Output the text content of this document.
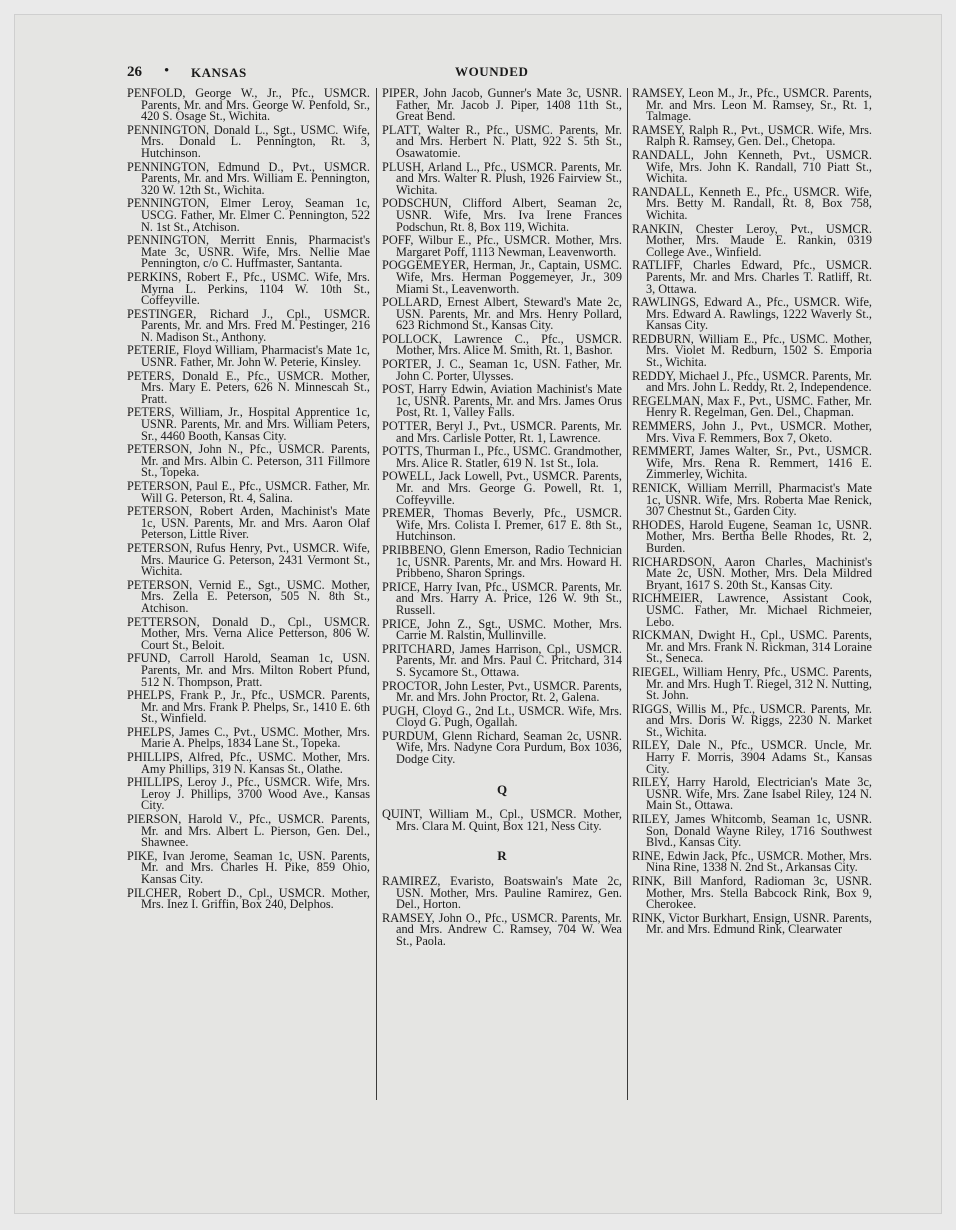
26 • KANSAS	WOUNDED

PENFOLD, George W., Jr., Pfc., USMCR. Parents, Mr. and Mrs. George W. Penfold, Sr., 420 S. Osage St., Wichita.

PENNINGTON, Donald L., Sgt., USMC. Wife, Mrs. Donald L. Pennington, Rt. 3, Hutchinson.

PENNINGTON, Edmund D., Pvt., USMCR. Parents, Mr. and Mrs. William E. Pennington, 320 W. 12th St., Wichita.

PENNINGTON, Elmer Leroy, Seaman 1c, USCG. Father, Mr. Elmer C. Pennington, 522 N. 1st St., Atchison.

PENNINGTON, Merritt Ennis, Pharmacist's Mate 3c, USNR. Wife, Mrs. Nellie Mae Pennington, c/o C. Huffmaster, Santanta.

PERKINS, Robert F., Pfc., USMC. Wife, Mrs. Myrna L. Perkins, 1104 W. 10th St., Coffeyville.

PESTINGER, Richard J., Cpl., USMCR. Parents, Mr. and Mrs. Fred M. Pestinger, 216 N. Madison St., Anthony.

PETERIE, Floyd William, Pharmacist's Mate 1c, USNR. Father, Mr. John W. Peterie, Kinsley.

PETERS, Donald E., Pfc., USMCR. Mother, Mrs. Mary E. Peters, 626 N. Minnescah St., Pratt.

PETERS, William, Jr., Hospital Apprentice 1c, USNR. Parents, Mr. and Mrs. William Peters, Sr., 4460 Booth, Kansas City.

PETERSON, John N., Pfc., USMCR. Parents, Mr. and Mrs. Albin C. Peterson, 311 Fillmore St., Topeka.

PETERSON, Paul E., Pfc., USMCR. Father, Mr. Will G. Peterson, Rt. 4, Salina.

PETERSON, Robert Arden, Machinist's Mate 1c, USN. Parents, Mr. and Mrs. Aaron Olaf Peterson, Little River.

PETERSON, Rufus Henry, Pvt., USMCR. Wife, Mrs. Maurice G. Peterson, 2431 Vermont St., Wichita.

PETERSON, Vernid E., Sgt., USMC. Mother, Mrs. Zella E. Peterson, 505 N. 8th St., Atchison.

PETTERSON, Donald D., Cpl., USMCR. Mother, Mrs. Verna Alice Petterson, 806 W. Court St., Beloit.

PFUND, Carroll Harold, Seaman 1c, USN. Parents, Mr. and Mrs. Milton Robert Pfund, 512 N. Thompson, Pratt.

PHELPS, Frank P., Jr., Pfc., USMCR. Parents, Mr. and Mrs. Frank P. Phelps, Sr., 1410 E. 6th St., Winfield.

PHELPS, James C., Pvt., USMC. Mother, Mrs. Marie A. Phelps, 1834 Lane St., Topeka.

PHILLIPS, Alfred, Pfc., USMC. Mother, Mrs. Amy Phillips, 319 N. Kansas St., Olathe.

PHILLIPS, Leroy J., Pfc., USMCR. Wife, Mrs. Leroy J. Phillips, 3700 Wood Ave., Kansas City.

PIERSON, Harold V., Pfc., USMCR. Parents, Mr. and Mrs. Albert L. Pierson, Gen. Del., Shawnee.

PIKE, Ivan Jerome, Seaman 1c, USN. Parents, Mr. and Mrs. Charles H. Pike, 859 Ohio, Kansas City.

PILCHER, Robert D., Cpl., USMCR. Mother, Mrs. Inez I. Griffin, Box 240, Delphos.

PIPER, John Jacob, Gunner's Mate 3c, USNR. Father, Mr. Jacob J. Piper, 1408 11th St., Great Bend.

PLATT, Walter R., Pfc., USMC. Parents, Mr. and Mrs. Herbert N. Platt, 922 S. 5th St., Osawatomie.

PLUSH, Arland L., Pfc., USMCR. Parents, Mr. and Mrs. Walter R. Plush, 1926 Fairview St., Wichita.

PODSCHUN, Clifford Albert, Seaman 2c, USNR. Wife, Mrs. Iva Irene Frances Podschun, Rt. 8, Box 119, Wichita.

POFF, Wilbur E., Pfc., USMCR. Mother, Mrs. Margaret Poff, 1113 Newman, Leavenworth.

POGGEMEYER, Herman, Jr., Captain, USMC. Wife, Mrs. Herman Poggemeyer, Jr., 309 Miami St., Leavenworth.

POLLARD, Ernest Albert, Steward's Mate 2c, USN. Parents, Mr. and Mrs. Henry Pollard, 623 Richmond St., Kansas City.

POLLOCK, Lawrence C., Pfc., USMCR. Mother, Mrs. Alice M. Smith, Rt. 1, Bashor.

PORTER, J. C., Seaman 1c, USN. Father, Mr. John C. Porter, Ulysses.

POST, Harry Edwin, Aviation Machinist's Mate 1c, USNR. Parents, Mr. and Mrs. James Orus Post, Rt. 1, Valley Falls.

POTTER, Beryl J., Pvt., USMCR. Parents, Mr. and Mrs. Carlisle Potter, Rt. 1, Lawrence.

POTTS, Thurman I., Pfc., USMC. Grandmother, Mrs. Alice R. Statler, 619 N. 1st St., Iola.

POWELL, Jack Lowell, Pvt., USMCR. Parents, Mr. and Mrs. George G. Powell, Rt. 1, Coffeyville.

PREMER, Thomas Beverly, Pfc., USMCR. Wife, Mrs. Colista I. Premer, 617 E. 8th St., Hutchinson.

PRIBBENO, Glenn Emerson, Radio Technician 1c, USNR. Parents, Mr. and Mrs. Howard H. Pribbeno, Sharon Springs.

PRICE, Harry Ivan, Pfc., USMCR. Parents, Mr. and Mrs. Harry A. Price, 126 W. 9th St., Russell.

PRICE, John Z., Sgt., USMC. Mother, Mrs. Carrie M. Ralstin, Mullinville.

PRITCHARD, James Harrison, Cpl., USMCR. Parents, Mr. and Mrs. Paul C. Pritchard, 314 S. Sycamore St., Ottawa.

PROCTOR, John Lester, Pvt., USMCR. Parents, Mr. and Mrs. John Proctor, Rt. 2, Galena.

PUGH, Cloyd G., 2nd Lt., USMCR. Wife, Mrs. Cloyd G. Pugh, Ogallah.

PURDUM, Glenn Richard, Seaman 2c, USNR. Wife, Mrs. Nadyne Cora Purdum, Box 1036, Dodge City.

Q

QUINT, William M., Cpl., USMCR. Mother, Mrs. Clara M. Quint, Box 121, Ness City.

R

RAMIREZ, Evaristo, Boatswain's Mate 2c, USN. Mother, Mrs. Pauline Ramirez, Gen. Del., Horton.

RAMSEY, John O., Pfc., USMCR. Parents, Mr. and Mrs. Andrew C. Ramsey, 704 W. Wea St., Paola.

RAMSEY, Leon M., Jr., Pfc., USMCR. Parents, Mr. and Mrs. Leon M. Ramsey, Sr., Rt. 1, Talmage.

RAMSEY, Ralph R., Pvt., USMCR. Wife, Mrs. Ralph R. Ramsey, Gen. Del., Chetopa.

RANDALL, John Kenneth, Pvt., USMCR. Wife, Mrs. John K. Randall, 710 Piatt St., Wichita.

RANDALL, Kenneth E., Pfc., USMCR. Wife, Mrs. Betty M. Randall, Rt. 8, Box 758, Wichita.

RANKIN, Chester Leroy, Pvt., USMCR. Mother, Mrs. Maude E. Rankin, 0319 College Ave., Winfield.

RATLIFF, Charles Edward, Pfc., USMCR. Parents, Mr. and Mrs. Charles T. Ratliff, Rt. 3, Ottawa.

RAWLINGS, Edward A., Pfc., USMCR. Wife, Mrs. Edward A. Rawlings, 1222 Waverly St., Kansas City.

REDBURN, William E., Pfc., USMC. Mother, Mrs. Violet M. Redburn, 1502 S. Emporia St., Wichita.

REDDY, Michael J., Pfc., USMCR. Parents, Mr. and Mrs. John L. Reddy, Rt. 2, Independence.

REGELMAN, Max F., Pvt., USMC. Father, Mr. Henry R. Regelman, Gen. Del., Chapman.

REMMERS, John J., Pvt., USMCR. Mother, Mrs. Viva F. Remmers, Box 7, Oketo.

REMMERT, James Walter, Sr., Pvt., USMCR. Wife, Mrs. Rena R. Remmert, 1416 E. Zimmerley, Wichita.

RENICK, William Merrill, Pharmacist's Mate 1c, USNR. Wife, Mrs. Roberta Mae Renick, 307 Chestnut St., Garden City.

RHODES, Harold Eugene, Seaman 1c, USNR. Mother, Mrs. Bertha Belle Rhodes, Rt. 2, Burden.

RICHARDSON, Aaron Charles, Machinist's Mate 2c, USN. Mother, Mrs. Dela Mildred Bryant, 1617 S. 20th St., Kansas City.

RICHMEIER, Lawrence, Assistant Cook, USMC. Father, Mr. Michael Richmeier, Lebo.

RICKMAN, Dwight H., Cpl., USMC. Parents, Mr. and Mrs. Frank N. Rickman, 314 Loraine St., Seneca.

RIEGEL, William Henry, Pfc., USMC. Parents, Mr. and Mrs. Hugh T. Riegel, 312 N. Nutting, St. John.

RIGGS, Willis M., Pfc., USMCR. Parents, Mr. and Mrs. Doris W. Riggs, 2230 N. Market St., Wichita.

RILEY, Dale N., Pfc., USMCR. Uncle, Mr. Harry F. Morris, 3904 Adams St., Kansas City.

RILEY, Harry Harold, Electrician's Mate 3c, USNR. Wife, Mrs. Zane Isabel Riley, 124 N. Main St., Ottawa.

RILEY, James Whitcomb, Seaman 1c, USNR. Son, Donald Wayne Riley, 1716 Southwest Blvd., Kansas City.

RINE, Edwin Jack, Pfc., USMCR. Mother, Mrs. Nina Rine, 1338 N. 2nd St., Arkansas City.

RINK, Bill Manford, Radioman 3c, USNR. Mother, Mrs. Stella Babcock Rink, Box 9, Cherokee.

RINK, Victor Burkhart, Ensign, USNR. Parents, Mr. and Mrs. Edmund Rink, Clearwater
